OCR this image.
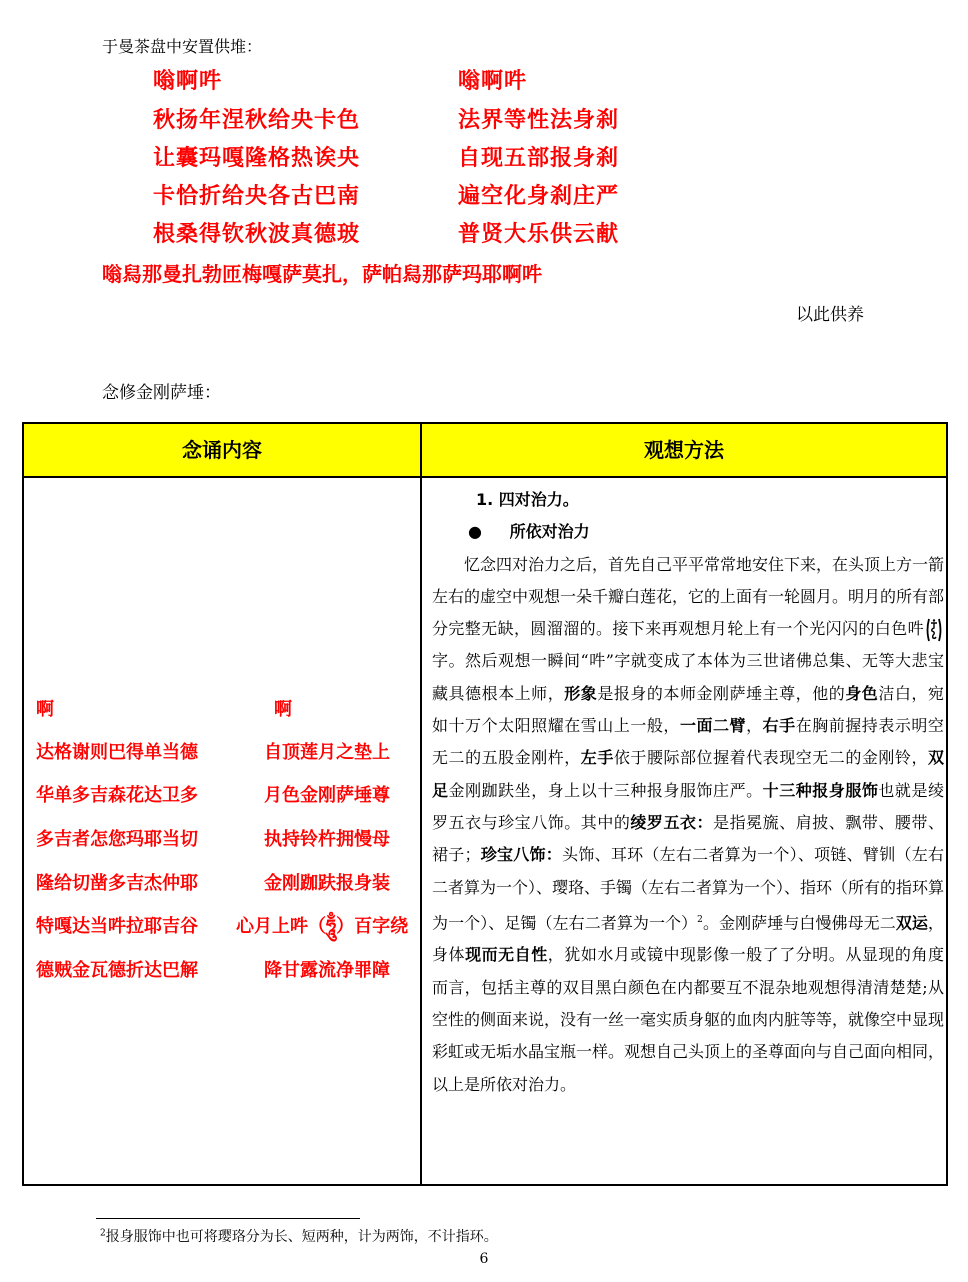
于曼茶盘中安置供堆：
嗡啊吽
秋扬年涅秋给央卡色
让囊玛嘎隆格热诶央
卡恰折给央各古巴南
根桑得钦秋波真德玻
嗡啊吽
法界等性法身刹
自现五部报身刹
遍空化身刹庄严
普贤大乐供云献
嗡舄那曼扎勃匝梅嘎萨莫扎，萨帕舄那萨玛耶啊吽
以此供养
念修金刚萨埵：
念诵内容	观想方法
啊
达格谢则巴得单当德
华单多吉森花达卫多
多吉者怎您玛耶当切
隆给切凿多吉杰仲耶
特嘎达当吽拉耶吉谷
德贼金瓦德折达巴解
啊
自顶莲月之垫上
月色金刚萨埵尊
执持铃杵拥慢母
金刚跏趺报身装
心月上吽（ཧཱུྃ）百字绕
降甘露流净罪障

1. 四对治力。

● 所依对治力

忆念四对治力之后，首先自己平平常常地安住下来，在头顶上方一箭左右的虚空中观想一朵千瓣白莲花，它的上面有一轮圆月。明月的所有部分完整无缺，圆溜溜的。接下来再观想月轮上有一个光闪闪的白色吽字。然后观想一瞬间“吽”字就变成了本体为三世诸佛总集、无等大悲宝藏具德根本上师，形象是报身的本师金刚萨埵主尊，他的身色洁白，宛如十万个太阳照耀在雪山上一般，一面二臂，右手在胸前握持表示明空无二的五股金刚杵，左手依于腰际部位握着代表现空无二的金刚铃，双足金刚跏趺坐，身上以十三种报身服饰庄严。十三种报身服饰也就是绫罗五衣与珍宝八饰。其中的绫罗五衣：是指冕旒、肩披、飘带、腰带、裙子；珍宝八饰：头饰、耳环（左右二者算为一个）、项链、臂钏（左右二者算为一个）、璎珞、手镯（左右二者算为一个）、指环（所有的指环算为一个）、足镯（左右二者算为一个）$^2$。金刚萨埵与白慢佛母无二双运，身体现而无自性，犹如水月或镜中现影像一般了了分明。从显现的角度而言，包括主尊的双目黑白颜色在内都要互不混杂地观想得清清楚楚;从空性的侧面来说，没有一丝一毫实质身躯的血肉内脏等等，就像空中显现彩虹或无垢水晶宝瓶一样。观想自己头顶上的圣尊面向与自己面向相同，以上是所依对治力。

$^2$报身服饰中也可将璎珞分为长、短两种，计为两饰，不计指环。
6
